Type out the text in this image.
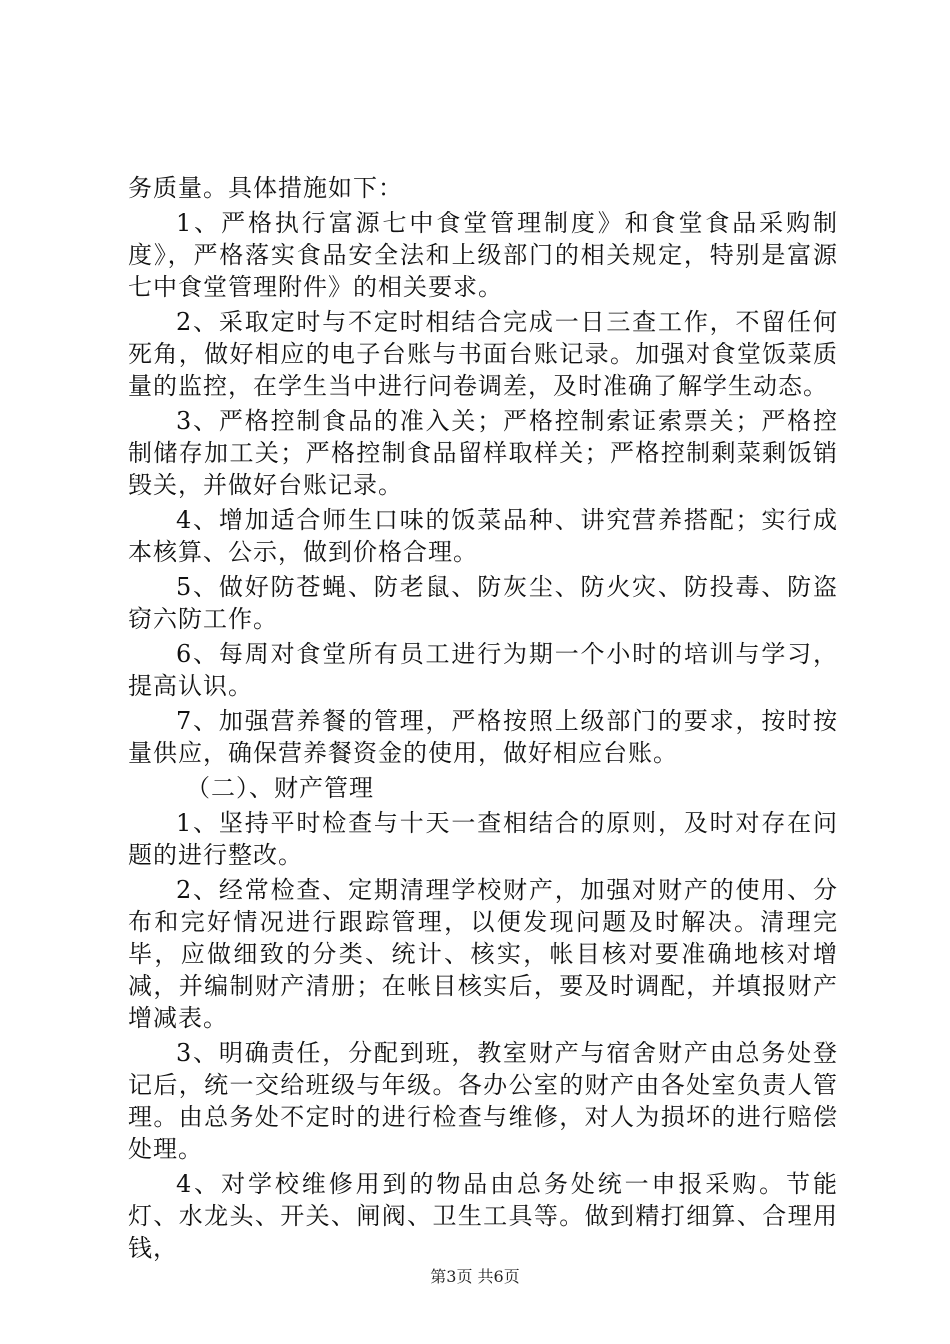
务质量。具体措施如下：

1、严格执行富源七中食堂管理制度》和食堂食品采购制度》，严格落实食品安全法和上级部门的相关规定，特别是富源七中食堂管理附件》的相关要求。

2、采取定时与不定时相结合完成一日三查工作，不留任何死角，做好相应的电子台账与书面台账记录。加强对食堂饭菜质量的监控，在学生当中进行问卷调差，及时准确了解学生动态。

3、严格控制食品的准入关；严格控制索证索票关；严格控制储存加工关；严格控制食品留样取样关；严格控制剩菜剩饭销毁关，并做好台账记录。

4、增加适合师生口味的饭菜品种、讲究营养搭配；实行成本核算、公示，做到价格合理。

5、做好防苍蝇、防老鼠、防灰尘、防火灾、防投毒、防盗窃六防工作。

6、每周对食堂所有员工进行为期一个小时的培训与学习，提高认识。

7、加强营养餐的管理，严格按照上级部门的要求，按时按量供应，确保营养餐资金的使用，做好相应台账。

（二）、财产管理

1、坚持平时检查与十天一查相结合的原则，及时对存在问题的进行整改。

2、经常检查、定期清理学校财产，加强对财产的使用、分布和完好情况进行跟踪管理，以便发现问题及时解决。清理完毕，应做细致的分类、统计、核实，帐目核对要准确地核对增减，并编制财产清册；在帐目核实后，要及时调配，并填报财产增减表。

3、明确责任，分配到班，教室财产与宿舍财产由总务处登记后，统一交给班级与年级。各办公室的财产由各处室负责人管理。由总务处不定时的进行检查与维修，对人为损坏的进行赔偿处理。

4、对学校维修用到的物品由总务处统一申报采购。节能灯、水龙头、开关、闸阀、卫生工具等。做到精打细算、合理用钱，

第3页 共6页
